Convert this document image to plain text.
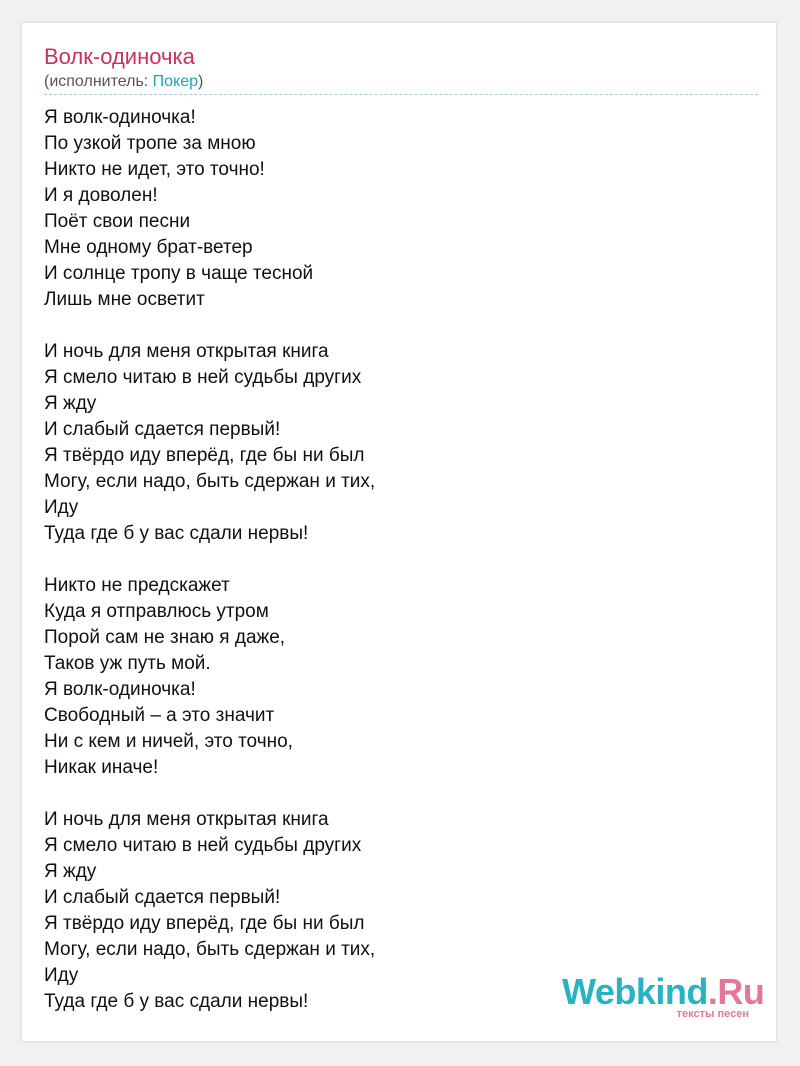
Волк-одиночка
(исполнитель: Покер)
Я волк-одиночка!
По узкой тропе за мною
Никто не идет, это точно!
И я доволен!
Поёт свои песни
Мне одному брат-ветер
И солнце тропу в чаще тесной
Лишь мне осветит
И ночь для меня открытая книга
Я смело читаю в ней судьбы других
Я жду
И слабый сдается первый!
Я твёрдо иду вперёд, где бы ни был
Могу, если надо, быть сдержан и тих,
Иду
Туда где б у вас сдали нервы!
Никто не предскажет
Куда я отправлюсь утром
Порой сам не знаю я даже,
Таков уж путь мой.
Я волк-одиночка!
Свободный – а это значит
Ни с кем и ничей, это точно,
Никак иначе!
И ночь для меня открытая книга
Я смело читаю в ней судьбы других
Я жду
И слабый сдается первый!
Я твёрдо иду вперёд, где бы ни был
Могу, если надо, быть сдержан и тих,
Иду
Туда где б у вас сдали нервы!	Webkind.Ru
тексты песен
